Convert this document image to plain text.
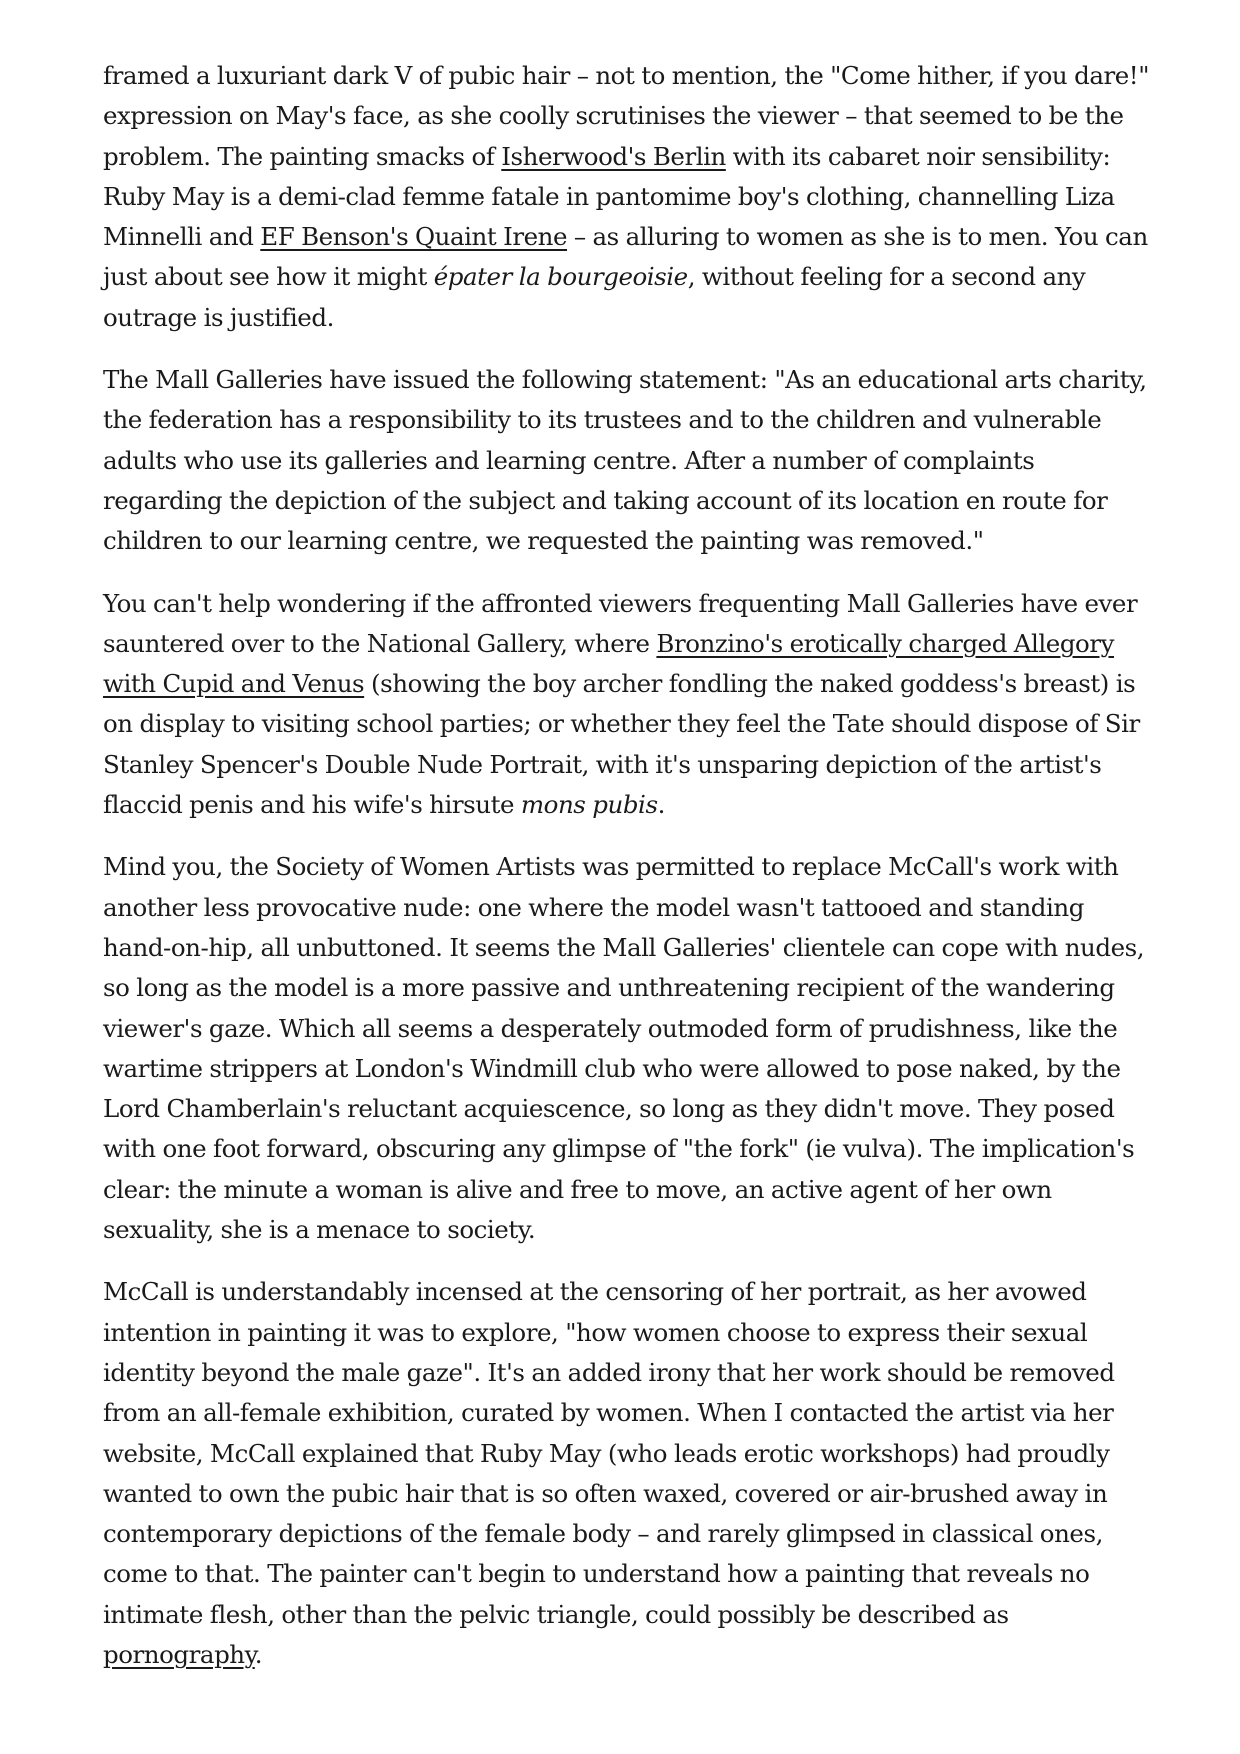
framed a luxuriant dark V of pubic hair – not to mention, the "Come hither, if you dare!" expression on May's face, as she coolly scrutinises the viewer – that seemed to be the problem. The painting smacks of Isherwood's Berlin with its cabaret noir sensibility: Ruby May is a demi-clad femme fatale in pantomime boy's clothing, channelling Liza Minnelli and EF Benson's Quaint Irene – as alluring to women as she is to men. You can just about see how it might épater la bourgeoisie, without feeling for a second any outrage is justified.

The Mall Galleries have issued the following statement: "As an educational arts charity, the federation has a responsibility to its trustees and to the children and vulnerable adults who use its galleries and learning centre. After a number of complaints regarding the depiction of the subject and taking account of its location en route for children to our learning centre, we requested the painting was removed."

You can't help wondering if the affronted viewers frequenting Mall Galleries have ever sauntered over to the National Gallery, where Bronzino's erotically charged Allegory with Cupid and Venus (showing the boy archer fondling the naked goddess's breast) is on display to visiting school parties; or whether they feel the Tate should dispose of Sir Stanley Spencer's Double Nude Portrait, with it's unsparing depiction of the artist's flaccid penis and his wife's hirsute mons pubis.

Mind you, the Society of Women Artists was permitted to replace McCall's work with another less provocative nude: one where the model wasn't tattooed and standing hand-on-hip, all unbuttoned. It seems the Mall Galleries' clientele can cope with nudes, so long as the model is a more passive and unthreatening recipient of the wandering viewer's gaze. Which all seems a desperately outmoded form of prudishness, like the wartime strippers at London's Windmill club who were allowed to pose naked, by the Lord Chamberlain's reluctant acquiescence, so long as they didn't move. They posed with one foot forward, obscuring any glimpse of "the fork" (ie vulva). The implication's clear: the minute a woman is alive and free to move, an active agent of her own sexuality, she is a menace to society.

McCall is understandably incensed at the censoring of her portrait, as her avowed intention in painting it was to explore, "how women choose to express their sexual identity beyond the male gaze". It's an added irony that her work should be removed from an all-female exhibition, curated by women. When I contacted the artist via her website, McCall explained that Ruby May (who leads erotic workshops) had proudly wanted to own the pubic hair that is so often waxed, covered or air-brushed away in contemporary depictions of the female body – and rarely glimpsed in classical ones, come to that. The painter can't begin to understand how a painting that reveals no intimate flesh, other than the pelvic triangle, could possibly be described as pornography.
